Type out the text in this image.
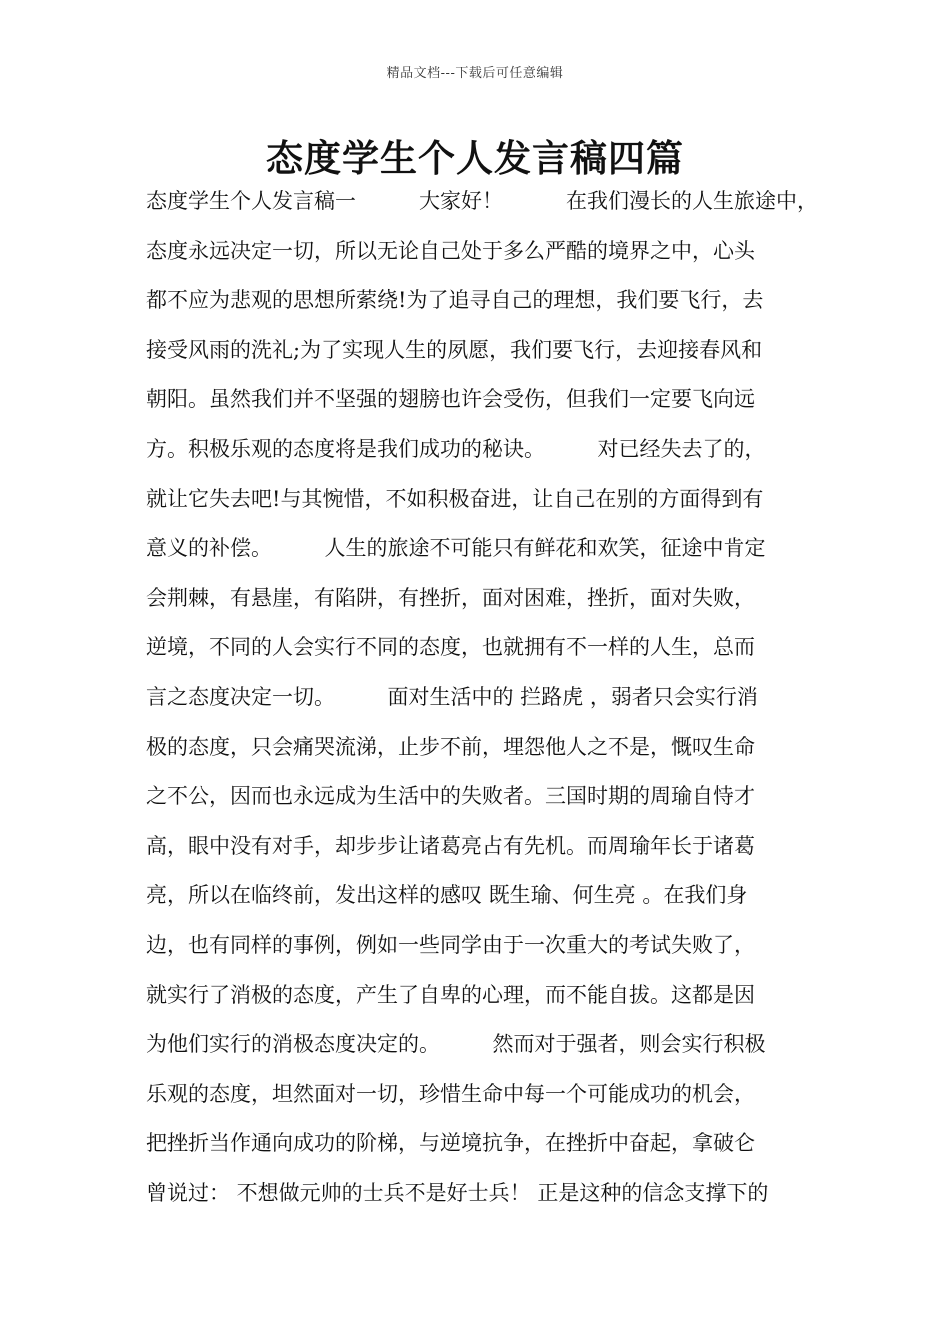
精品文档---下载后可任意编辑
态度学生个人发言稿四篇
态度学生个人发言稿一　　　大家好！　　　在我们漫长的人生旅途中，
态度永远决定一切，所以无论自己处于多么严酷的境界之中，心头
都不应为悲观的思想所萦绕!为了追寻自己的理想，我们要飞行，去
接受风雨的洗礼;为了实现人生的夙愿，我们要飞行，去迎接春风和
朝阳。虽然我们并不坚强的翅膀也许会受伤，但我们一定要飞向远
方。积极乐观的态度将是我们成功的秘诀。　　　对已经失去了的，
就让它失去吧!与其惋惜，不如积极奋进，让自己在别的方面得到有
意义的补偿。　　　人生的旅途不可能只有鲜花和欢笑，征途中肯定
会荆棘，有悬崖，有陷阱，有挫折，面对困难，挫折，面对失败，
逆境，不同的人会实行不同的态度，也就拥有不一样的人生，总而
言之态度决定一切。　　　面对生活中的 拦路虎 ，弱者只会实行消
极的态度，只会痛哭流涕，止步不前，埋怨他人之不是，慨叹生命
之不公，因而也永远成为生活中的失败者。三国时期的周瑜自恃才
高，眼中没有对手，却步步让诸葛亮占有先机。而周瑜年长于诸葛
亮，所以在临终前，发出这样的感叹 既生瑜、何生亮 。在我们身
边，也有同样的事例，例如一些同学由于一次重大的考试失败了，
就实行了消极的态度，产生了自卑的心理，而不能自拔。这都是因
为他们实行的消极态度决定的。　　　然而对于强者，则会实行积极
乐观的态度，坦然面对一切，珍惜生命中每一个可能成功的机会，
把挫折当作通向成功的阶梯，与逆境抗争，在挫折中奋起，拿破仑
曾说过： 不想做元帅的士兵不是好士兵！ 正是这种的信念支撑下的
